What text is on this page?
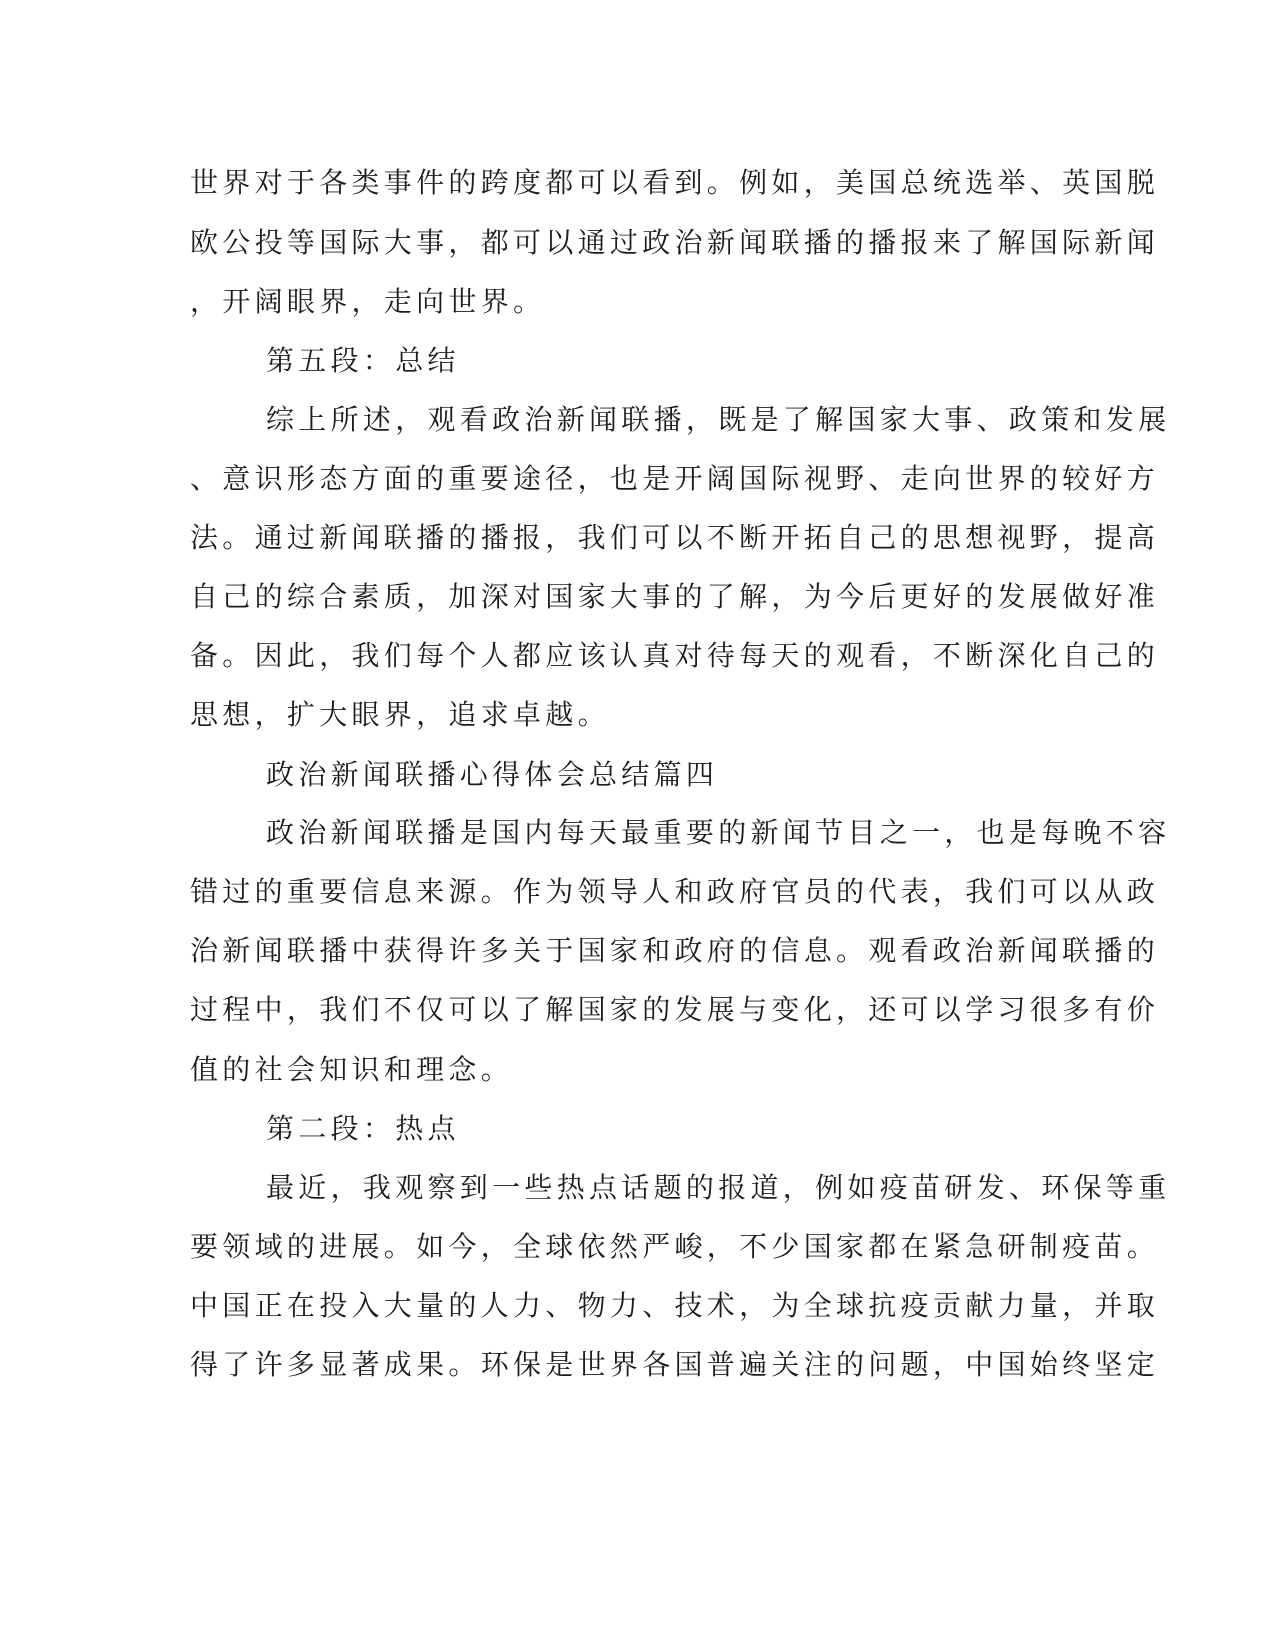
世界对于各类事件的跨度都可以看到。例如，美国总统选举、英国脱

欧公投等国际大事，都可以通过政治新闻联播的播报来了解国际新闻

，开阔眼界，走向世界。

第五段：总结

综上所述，观看政治新闻联播，既是了解国家大事、政策和发展

、意识形态方面的重要途径，也是开阔国际视野、走向世界的较好方

法。通过新闻联播的播报，我们可以不断开拓自己的思想视野，提高

自己的综合素质，加深对国家大事的了解，为今后更好的发展做好准

备。因此，我们每个人都应该认真对待每天的观看，不断深化自己的

思想，扩大眼界，追求卓越。

政治新闻联播心得体会总结篇四

政治新闻联播是国内每天最重要的新闻节目之一，也是每晚不容

错过的重要信息来源。作为领导人和政府官员的代表，我们可以从政

治新闻联播中获得许多关于国家和政府的信息。观看政治新闻联播的

过程中，我们不仅可以了解国家的发展与变化，还可以学习很多有价

值的社会知识和理念。

第二段：热点

最近，我观察到一些热点话题的报道，例如疫苗研发、环保等重

要领域的进展。如今，全球依然严峻，不少国家都在紧急研制疫苗。

中国正在投入大量的人力、物力、技术，为全球抗疫贡献力量，并取

得了许多显著成果。环保是世界各国普遍关注的问题，中国始终坚定
